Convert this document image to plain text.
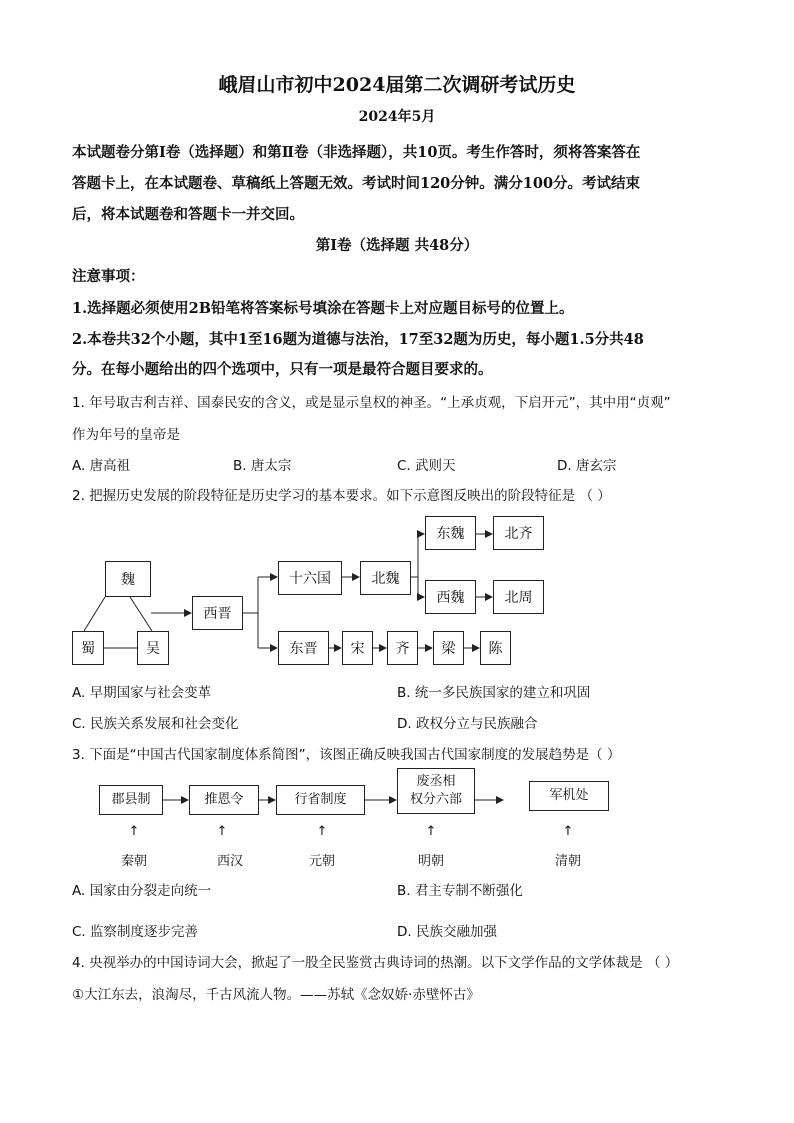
峨眉山市初中2024届第二次调研考试历史
2024年5月
本试题卷分第Ⅰ卷（选择题）和第Ⅱ卷（非选择题），共10页。考生作答时，须将答案答在
答题卡上，在本试题卷、草稿纸上答题无效。考试时间120分钟。满分100分。考试结束
后，将本试题卷和答题卡一并交回。
第Ⅰ卷（选择题 共48分）
注意事项：
1.选择题必须使用2B铅笔将答案标号填涂在答题卡上对应题目标号的位置上。
2.本卷共32个小题，其中1至16题为道德与法治，17至32题为历史，每小题1.5分共48
分。在每小题给出的四个选项中，只有一项是最符合题目要求的。
1. 年号取吉利吉祥、国泰民安的含义，或是显示皇权的神圣。“上承贞观，下启开元”，其中用“贞观”
作为年号的皇帝是
A. 唐高祖	B. 唐太宗	C. 武则天	D. 唐玄宗
2. 把握历史发展的阶段特征是历史学习的基本要求。如下示意图反映出的阶段特征是 （ ）
魏
蜀	吴
西晋
十六国	北魏
东魏	北齐
西魏	北周
东晋	宋	齐	梁	陈
A. 早期国家与社会变革	B. 统一多民族国家的建立和巩固
C. 民族关系发展和社会变化	D. 政权分立与民族融合
3. 下面是“中国古代国家制度体系简图”，该图正确反映我国古代国家制度的发展趋势是（ ）
郡县制	推恩令	行省制度
废丞相
权分六部	军机处
↑	↑	↑	↑	↑
秦朝	西汉	元朝	明朝	清朝
A. 国家由分裂走向统一	B. 君主专制不断强化
C. 监察制度逐步完善	D. 民族交融加强
4. 央视举办的中国诗词大会，掀起了一股全民鉴赏古典诗词的热潮。以下文学作品的文学体裁是 （ ）
①大江东去，浪淘尽，千古风流人物。——苏轼《念奴娇·赤壁怀古》
